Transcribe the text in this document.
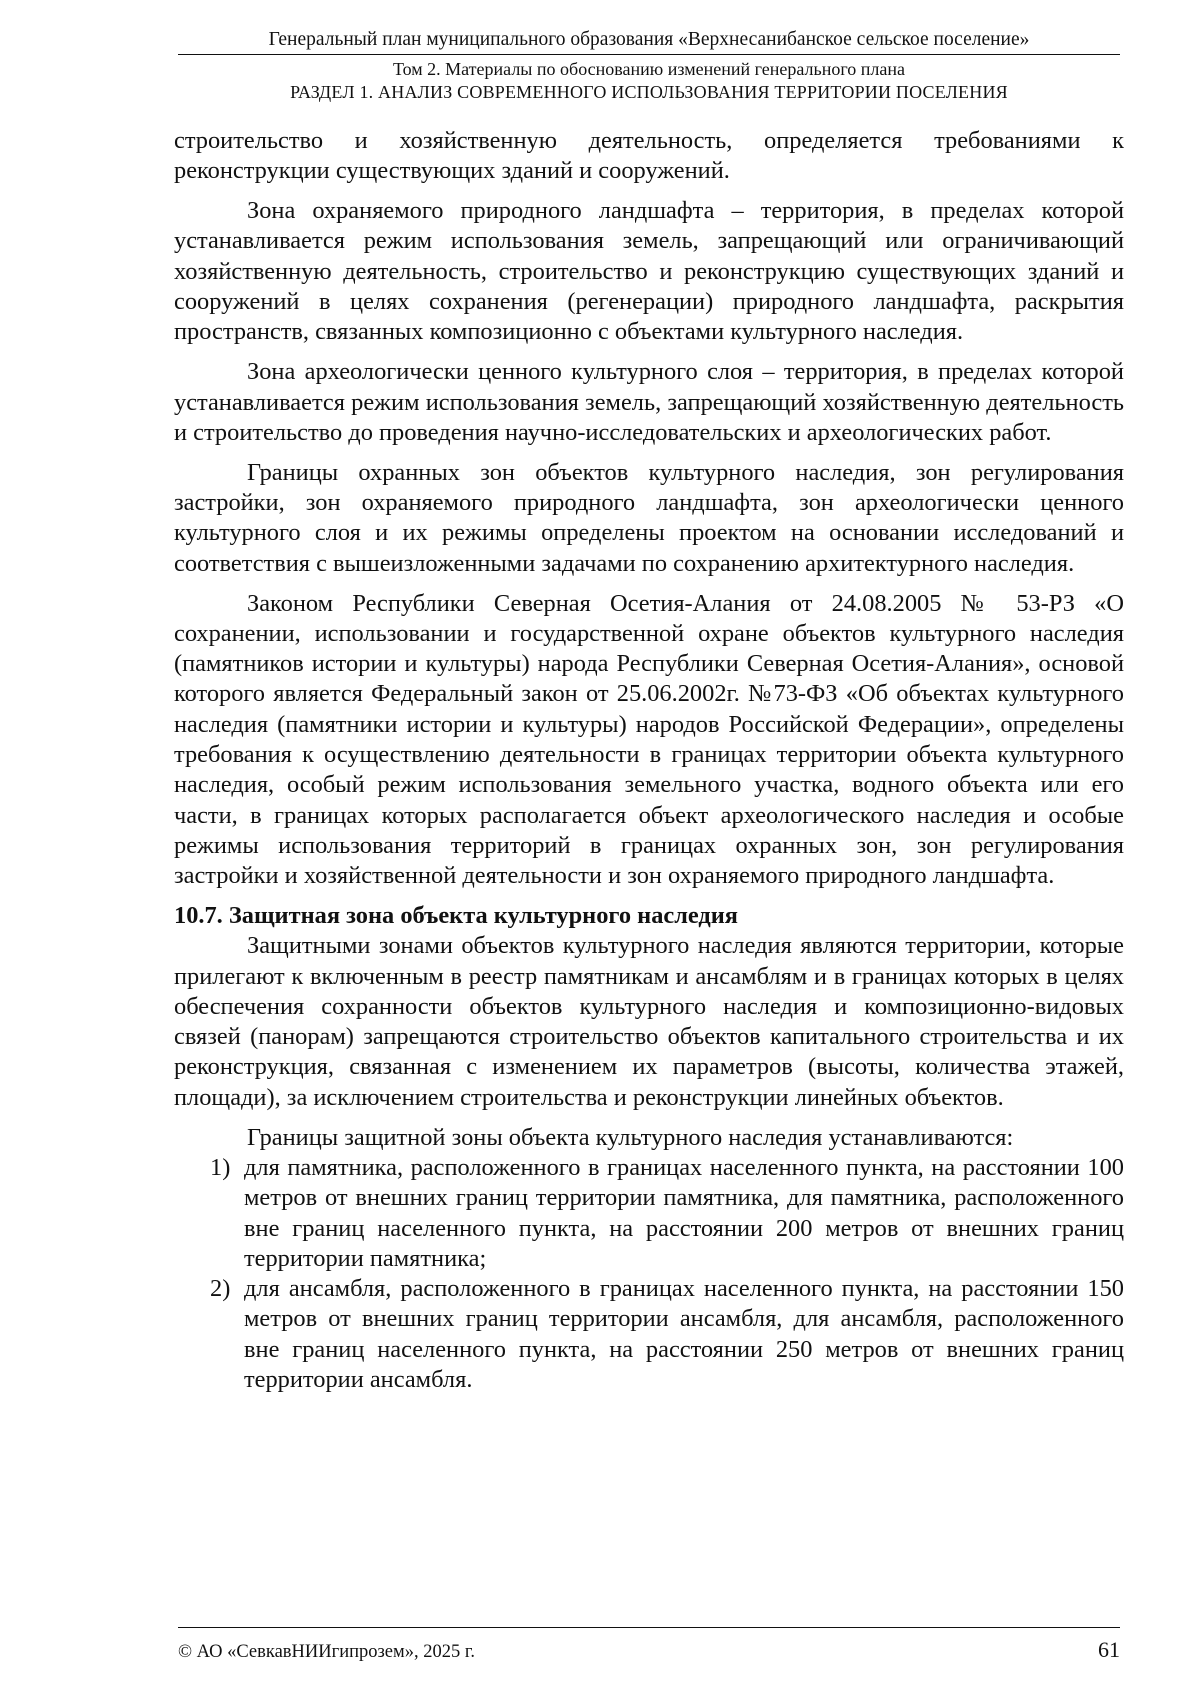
Генеральный план муниципального образования «Верхнесанибанское сельское поселение»
Том 2. Материалы по обоснованию изменений генерального плана
РАЗДЕЛ 1. АНАЛИЗ СОВРЕМЕННОГО ИСПОЛЬЗОВАНИЯ ТЕРРИТОРИИ ПОСЕЛЕНИЯ

строительство и хозяйственную деятельность, определяется требованиями к реконструкции существующих зданий и сооружений.

Зона охраняемого природного ландшафта – территория, в пределах которой устанавливается режим использования земель, запрещающий или ограничивающий хозяйственную деятельность, строительство и реконструкцию существующих зданий и сооружений в целях сохранения (регенерации) природного ландшафта, раскрытия пространств, связанных композиционно с объектами культурного наследия.

Зона археологически ценного культурного слоя – территория, в пределах которой устанавливается режим использования земель, запрещающий хозяйственную деятельность и строительство до проведения научно-исследовательских и археологических работ.

Границы охранных зон объектов культурного наследия, зон регулирования застройки, зон охраняемого природного ландшафта, зон археологически ценного культурного слоя и их режимы определены проектом на основании исследований и соответствия с вышеизложенными задачами по сохранению архитектурного наследия.

Законом Республики Северная Осетия-Алания от 24.08.2005 № 53-РЗ «О сохранении, использовании и государственной охране объектов культурного наследия (памятников истории и культуры) народа Республики Северная Осетия-Алания», основой которого является Федеральный закон от 25.06.2002г. №73-ФЗ «Об объектах культурного наследия (памятники истории и культуры) народов Российской Федерации», определены требования к осуществлению деятельности в границах территории объекта культурного наследия, особый режим использования земельного участка, водного объекта или его части, в границах которых располагается объект археологического наследия и особые режимы использования территорий в границах охранных зон, зон регулирования застройки и хозяйственной деятельности и зон охраняемого природного ландшафта.

10.7. Защитная зона объекта культурного наследия

Защитными зонами объектов культурного наследия являются территории, которые прилегают к включенным в реестр памятникам и ансамблям и в границах которых в целях обеспечения сохранности объектов культурного наследия и композиционно-видовых связей (панорам) запрещаются строительство объектов капитального строительства и их реконструкция, связанная с изменением их параметров (высоты, количества этажей, площади), за исключением строительства и реконструкции линейных объектов.

Границы защитной зоны объекта культурного наследия устанавливаются:

1) для памятника, расположенного в границах населенного пункта, на расстоянии 100 метров от внешних границ территории памятника, для памятника, расположенного вне границ населенного пункта, на расстоянии 200 метров от внешних границ территории памятника;
2) для ансамбля, расположенного в границах населенного пункта, на расстоянии 150 метров от внешних границ территории ансамбля, для ансамбля, расположенного вне границ населенного пункта, на расстоянии 250 метров от внешних границ территории ансамбля.
© АО «СевкавНИИгипрозем», 2025 г.	61
